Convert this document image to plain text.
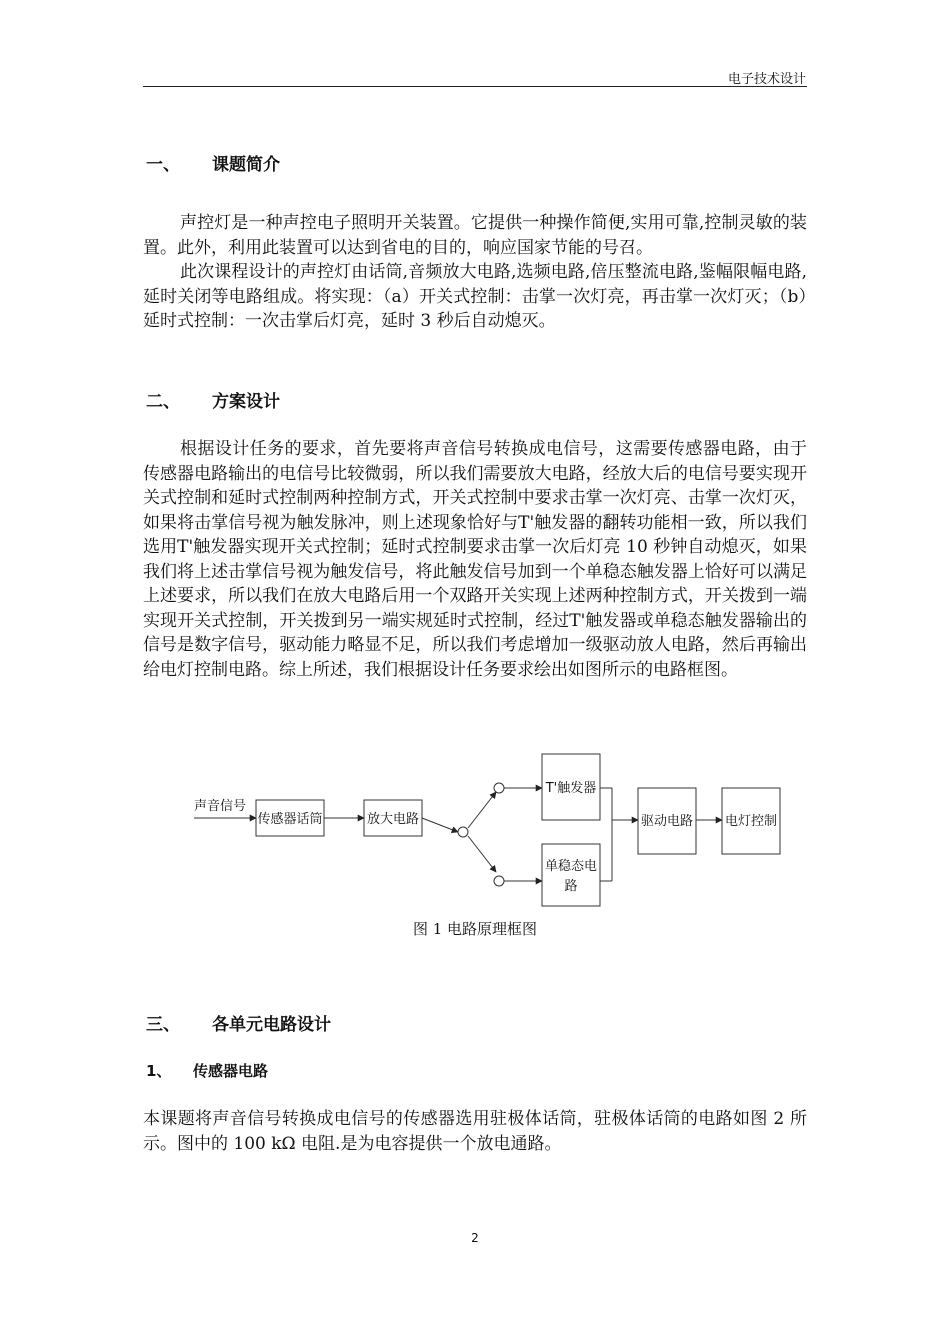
电子技术设计
一、 课题简介

声控灯是一种声控电子照明开关装置。它提供一种操作简便,实用可靠,控制灵敏的装置。此外，利用此装置可以达到省电的目的，响应国家节能的号召。

此次课程设计的声控灯由话筒,音频放大电路,选频电路,倍压整流电路,鉴幅限幅电路,延时关闭等电路组成。将实现：（a）开关式控制：击掌一次灯亮，再击掌一次灯灭；（b）延时式控制：一次击掌后灯亮，延时 3 秒后自动熄灭。

二、 方案设计

根据设计任务的要求，首先要将声音信号转换成电信号，这需要传感器电路，由于传感器电路输出的电信号比较微弱，所以我们需要放大电路，经放大后的电信号要实现开关式控制和延时式控制两种控制方式，开关式控制中要求击掌一次灯亮、击掌一次灯灭，如果将击掌信号视为触发脉冲，则上述现象恰好与T'触发器的翻转功能相一致，所以我们选用T'触发器实现开关式控制；延时式控制要求击掌一次后灯亮 10 秒钟自动熄灭，如果我们将上述击掌信号视为触发信号，将此触发信号加到一个单稳态触发器上恰好可以满足上述要求，所以我们在放大电路后用一个双路开关实现上述两种控制方式，开关拨到一端实现开关式控制，开关拨到另一端实规延时式控制，经过T'触发器或单稳态触发器输出的信号是数字信号，驱动能力略显不足，所以我们考虑增加一级驱动放人电路，然后再输出给电灯控制电路。综上所述，我们根据设计任务要求绘出如图所示的电路框图。

声音信号
传感器话筒	放大电路
T'触发器
单稳态电
路
驱动电路 电灯控制
图 1 电路原理框图
三、 各单元电路设计
1、 传感器电路

本课题将声音信号转换成电信号的传感器选用驻极体话筒，驻极体话筒的电路如图 2 所示。图中的 100 kΩ 电阻.是为电容提供一个放电通路。

2
